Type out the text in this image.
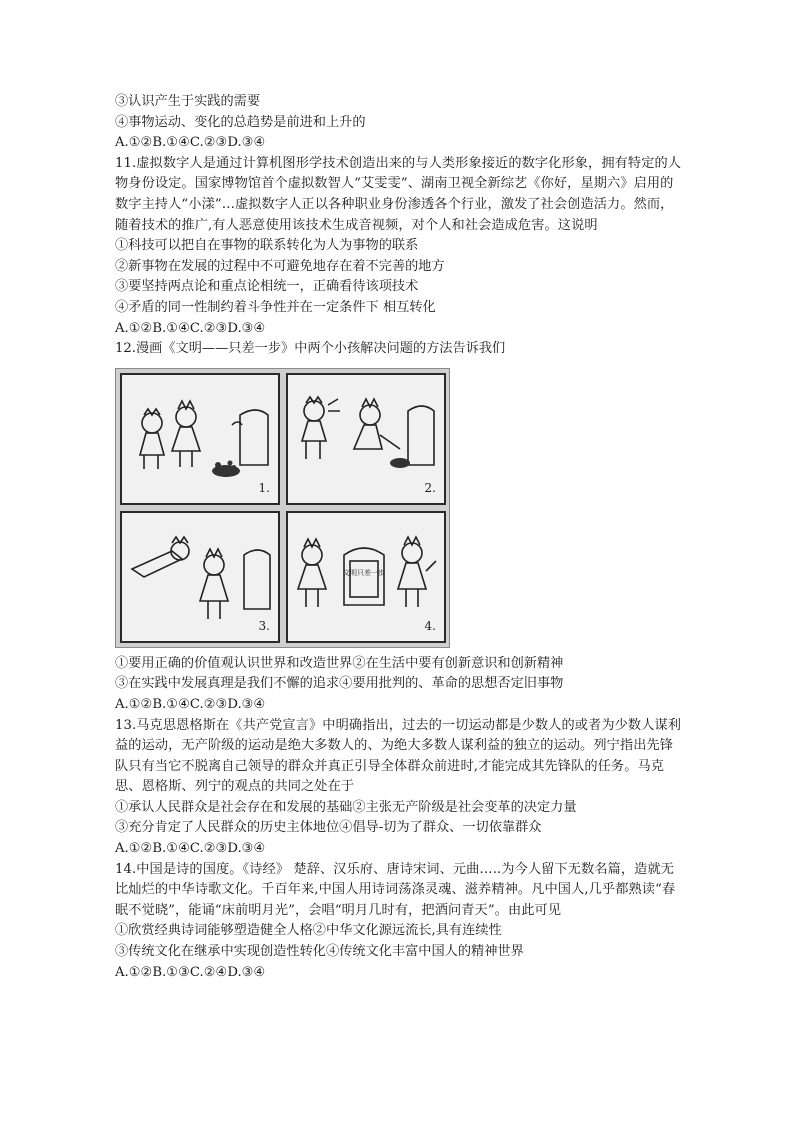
③认识产生于实践的需要
④事物运动、变化的总趋势是前进和上升的
A.①②B.①④C.②③D.③④
11.虚拟数字人是通过计算机图形学技术创造出来的与人类形象接近的数字化形象，拥有特定的人物身份设定。国家博物馆首个虚拟数智人“艾雯雯”、湖南卫视全新综艺《你好，星期六》启用的数字主持人“小漾”…虚拟数字人正以各种职业身份渗透各个行业，激发了社会创造活力。然而，随着技术的推广,有人恶意使用该技术生成音视频，对个人和社会造成危害。这说明
①科技可以把自在事物的联系转化为人为事物的联系
②新事物在发展的过程中不可避免地存在着不完善的地方
③要坚持两点论和重点论相统一，正确看待该项技术
④矛盾的同一性制约着斗争性并在一定条件下 相互转化
A.①②B.①④C.②③D.③④
12.漫画《文明——只差一步》中两个小孩解决问题的方法告诉我们
1.	2.
3.
文明只差一步
4.
①要用正确的价值观认识世界和改造世界②在生活中要有创新意识和创新精神
③在实践中发展真理是我们不懈的追求④要用批判的、革命的思想否定旧事物
A.①②B.①④C.②③D.③④
13.马克思恩格斯在《共产党宣言》中明确指出，过去的一切运动都是少数人的或者为少数人谋利益的运动，无产阶级的运动是绝大多数人的、为绝大多数人谋利益的独立的运动。列宁指出先锋队只有当它不脱离自己领导的群众并真正引导全体群众前进时,才能完成其先锋队的任务。马克思、恩格斯、列宁的观点的共同之处在于
①承认人民群众是社会存在和发展的基础②主张无产阶级是社会变革的决定力量
③充分肯定了人民群众的历史主体地位④倡导-切为了群众、一切依靠群众
A.①②B.①④C.②③D.③④
14.中国是诗的国度。《诗经》 楚辞、汉乐府、唐诗宋词、元曲…..为今人留下无数名篇，造就无比灿烂的中华诗歌文化。千百年来,中国人用诗词荡涤灵魂、滋养精神。凡中国人,几乎都熟读“春眠不觉晓”，能诵“床前明月光”，会唱“明月几时有，把酒问青天”。由此可见
①欣赏经典诗词能够塑造健全人格②中华文化源远流长,具有连续性
③传统文化在继承中实现创造性转化④传统文化丰富中国人的精神世界
A.①②B.①③C.②④D.③④
